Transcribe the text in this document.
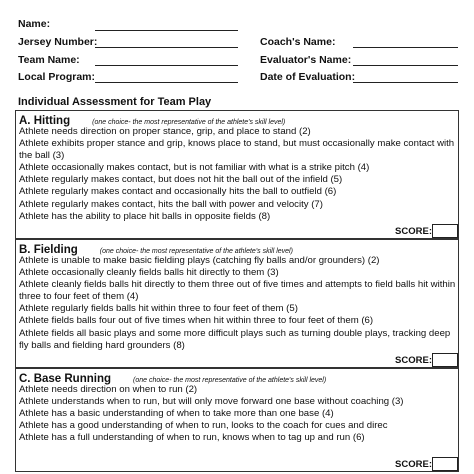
Name:
Jersey Number:
Team Name:
Local Program:
Coach's Name:
Evaluator's Name:
Date of Evaluation:
Individual Assessment for Team Play
A. Hitting	(one choice- the most representative of the athlete's skill level)

Athlete needs direction on proper stance, grip, and place to stand (2)

Athlete exhibits proper stance and grip, knows place to stand, but must occasionally make contact with the ball (3)

Athlete occasionally makes contact, but is not familiar with what is a strike pitch (4)

Athlete regularly makes contact, but does not hit the ball out of the infield (5)

Athlete regularly makes contact and occasionally hits the ball to outfield (6)

Athlete regularly makes contact, hits the ball with power and velocity (7)

Athlete has the ability to place hit balls in opposite fields (8)

SCORE:
B. Fielding	(one choice- the most representative of the athlete's skill level)

Athlete is unable to make basic fielding plays (catching fly balls and/or grounders) (2)

Athlete occasionally cleanly fields balls hit directly to them (3)

Athlete cleanly fields balls hit directly to them three out of five times and attempts to field balls hit within three to four feet of them (4)

Athlete regularly fields balls hit within three to four feet of them (5)

Athlete fields balls four out of five times when hit within three to four feet of them (6)

Athlete fields all basic plays and some more difficult plays such as turning double plays, tracking deep fly balls and fielding hard grounders (8)

SCORE:
C. Base Running	(one choice- the most representative of the athlete's skill level)

Athlete needs direction on when to run (2)

Athlete understands when to run, but will only move forward one base without coaching (3)

Athlete has a basic understanding of when to take more than one base (4)

Athlete has a good understanding of when to run, looks to the coach for cues and direc

Athlete has a full understanding of when to run, knows when to tag up and run (6)

SCORE:
